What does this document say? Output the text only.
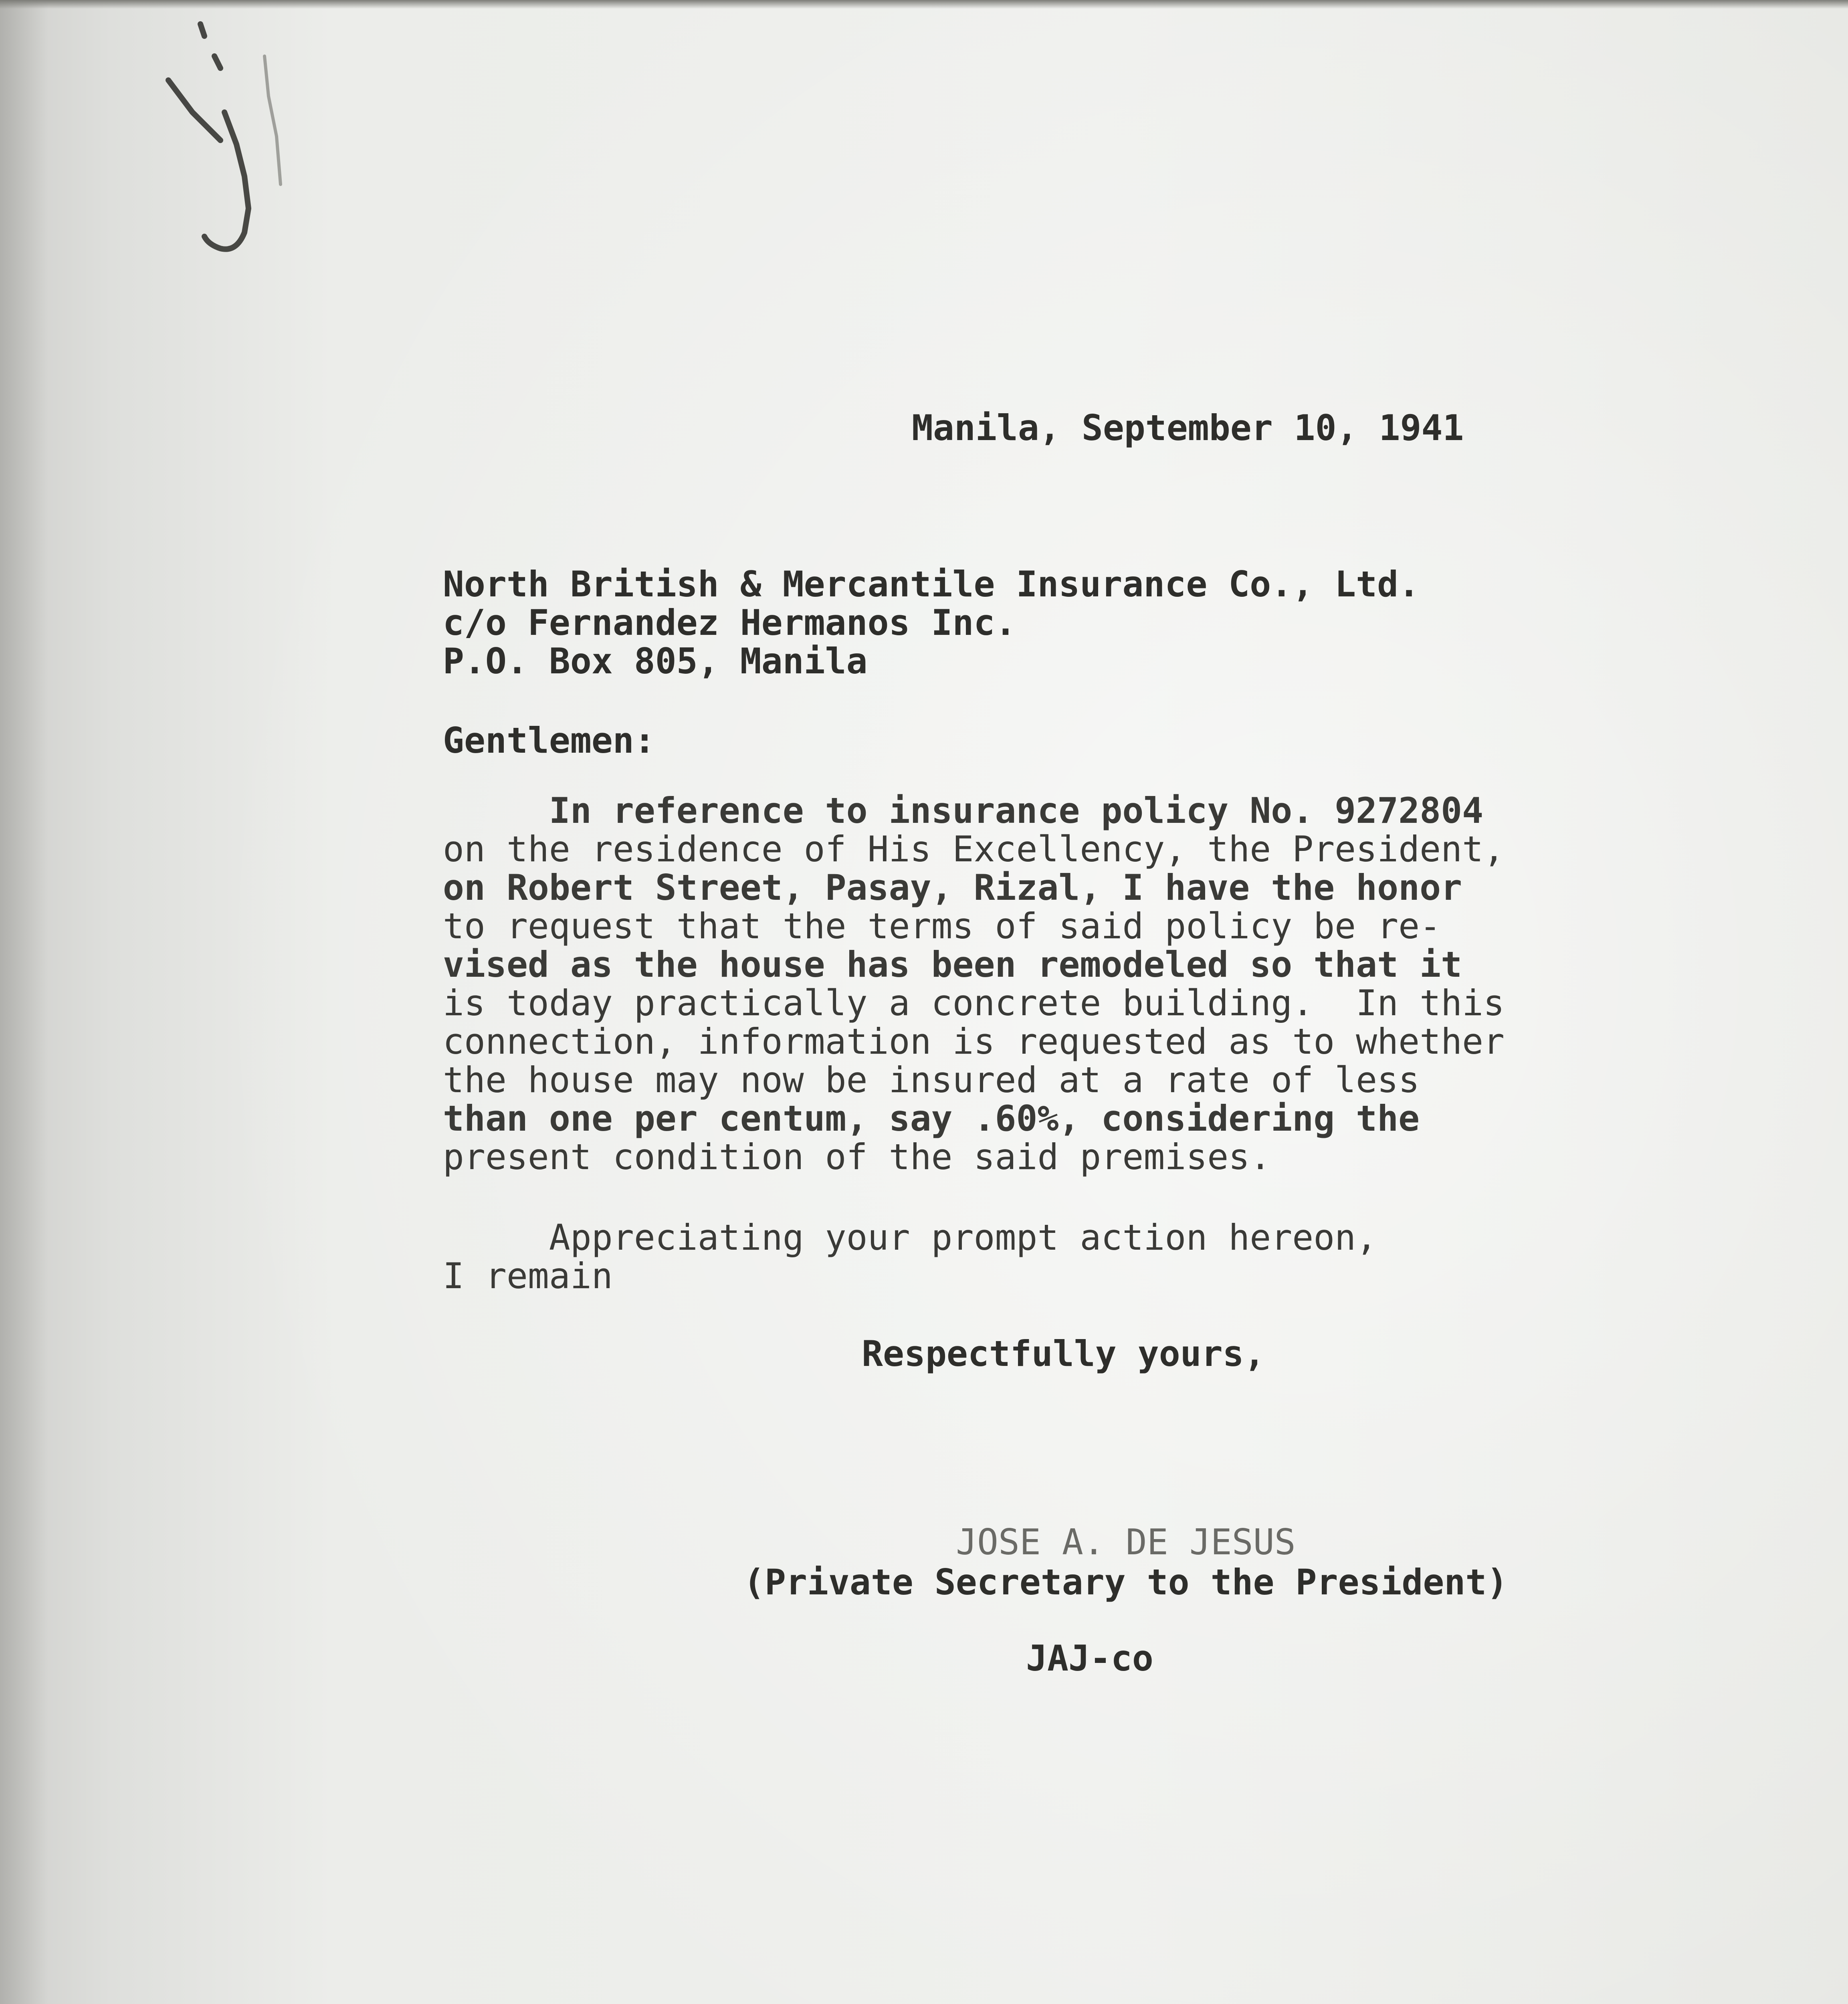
Manila, September 10, 1941

North British & Mercantile Insurance Co., Ltd.

c/o Fernandez Hermanos Inc.

P.O. Box 805, Manila

Gentlemen:

In reference to insurance policy No. 9272804
on the residence of His Excellency, the President,
on Robert Street, Pasay, Rizal, I have the honor
to request that the terms of said policy be re-
vised as the house has been remodeled so that it
is today practically a concrete building.  In this
connection, information is requested as to whether
the house may now be insured at a rate of less
than one per centum, say .60%, considering the
present condition of the said premises.

Appreciating your prompt action hereon,

I remain

Respectfully yours,

JOSE A. DE JESUS

(Private Secretary to the President)

JAJ-co
